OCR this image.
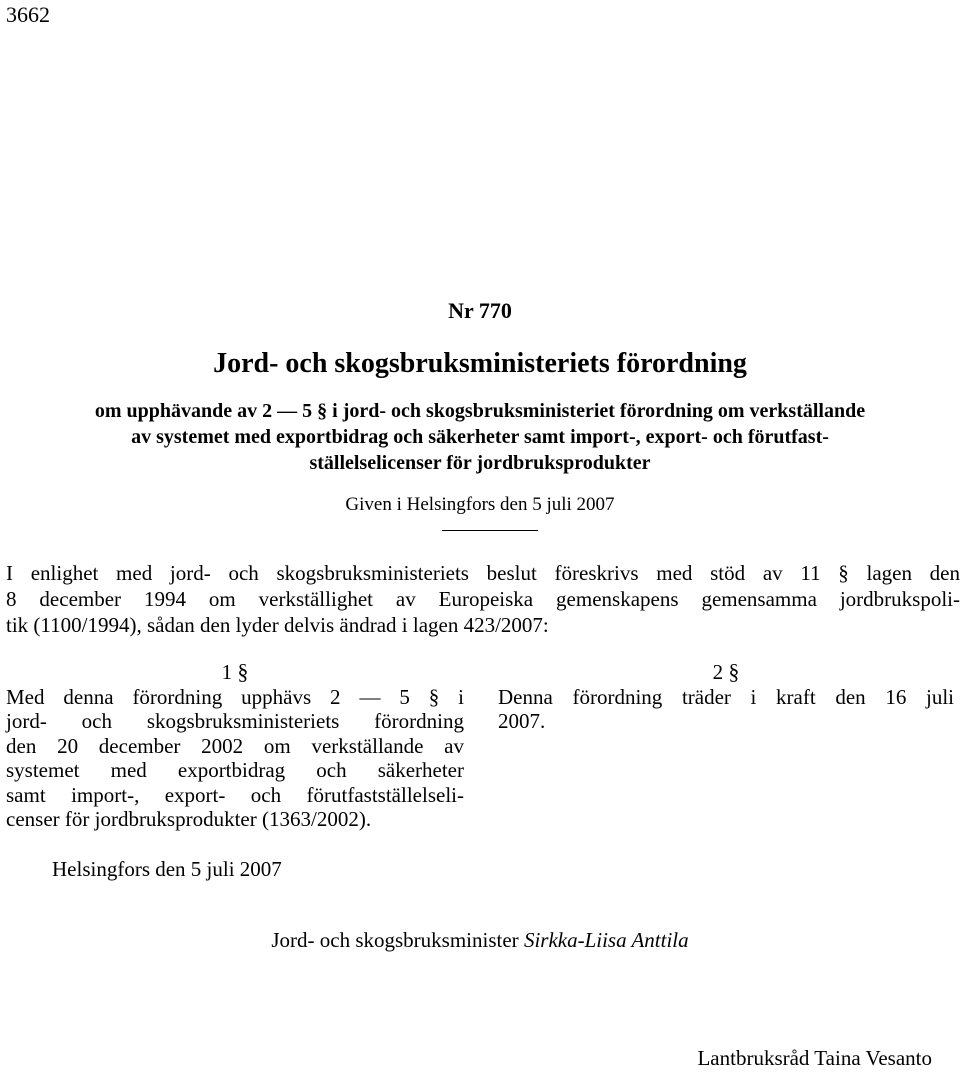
3662
Nr 770
Jord- och skogsbruksministeriets förordning
om upphävande av 2 — 5 § i jord- och skogsbruksministeriet förordning om verkställande
av systemet med exportbidrag och säkerheter samt import-, export- och förutfast-
ställelselicenser för jordbruksprodukter
Given i Helsingfors den 5 juli 2007
I enlighet med jord- och skogsbruksministeriets beslut föreskrivs med stöd av 11 § lagen den
8 december 1994 om verkställighet av Europeiska gemenskapens gemensamma jordbrukspoli-
tik (1100/1994), sådan den lyder delvis ändrad i lagen 423/2007:
1 §
Med denna förordning upphävs 2 — 5 § i
jord- och skogsbruksministeriets förordning
den 20 december 2002 om verkställande av
systemet med exportbidrag och säkerheter
samt import-, export- och förutfastställelseli-
censer för jordbruksprodukter (1363/2002).
2 §
Denna förordning träder i kraft den 16 juli
2007.
Helsingfors den 5 juli 2007
Jord- och skogsbruksminister Sirkka-Liisa Anttila
Lantbruksråd Taina Vesanto
